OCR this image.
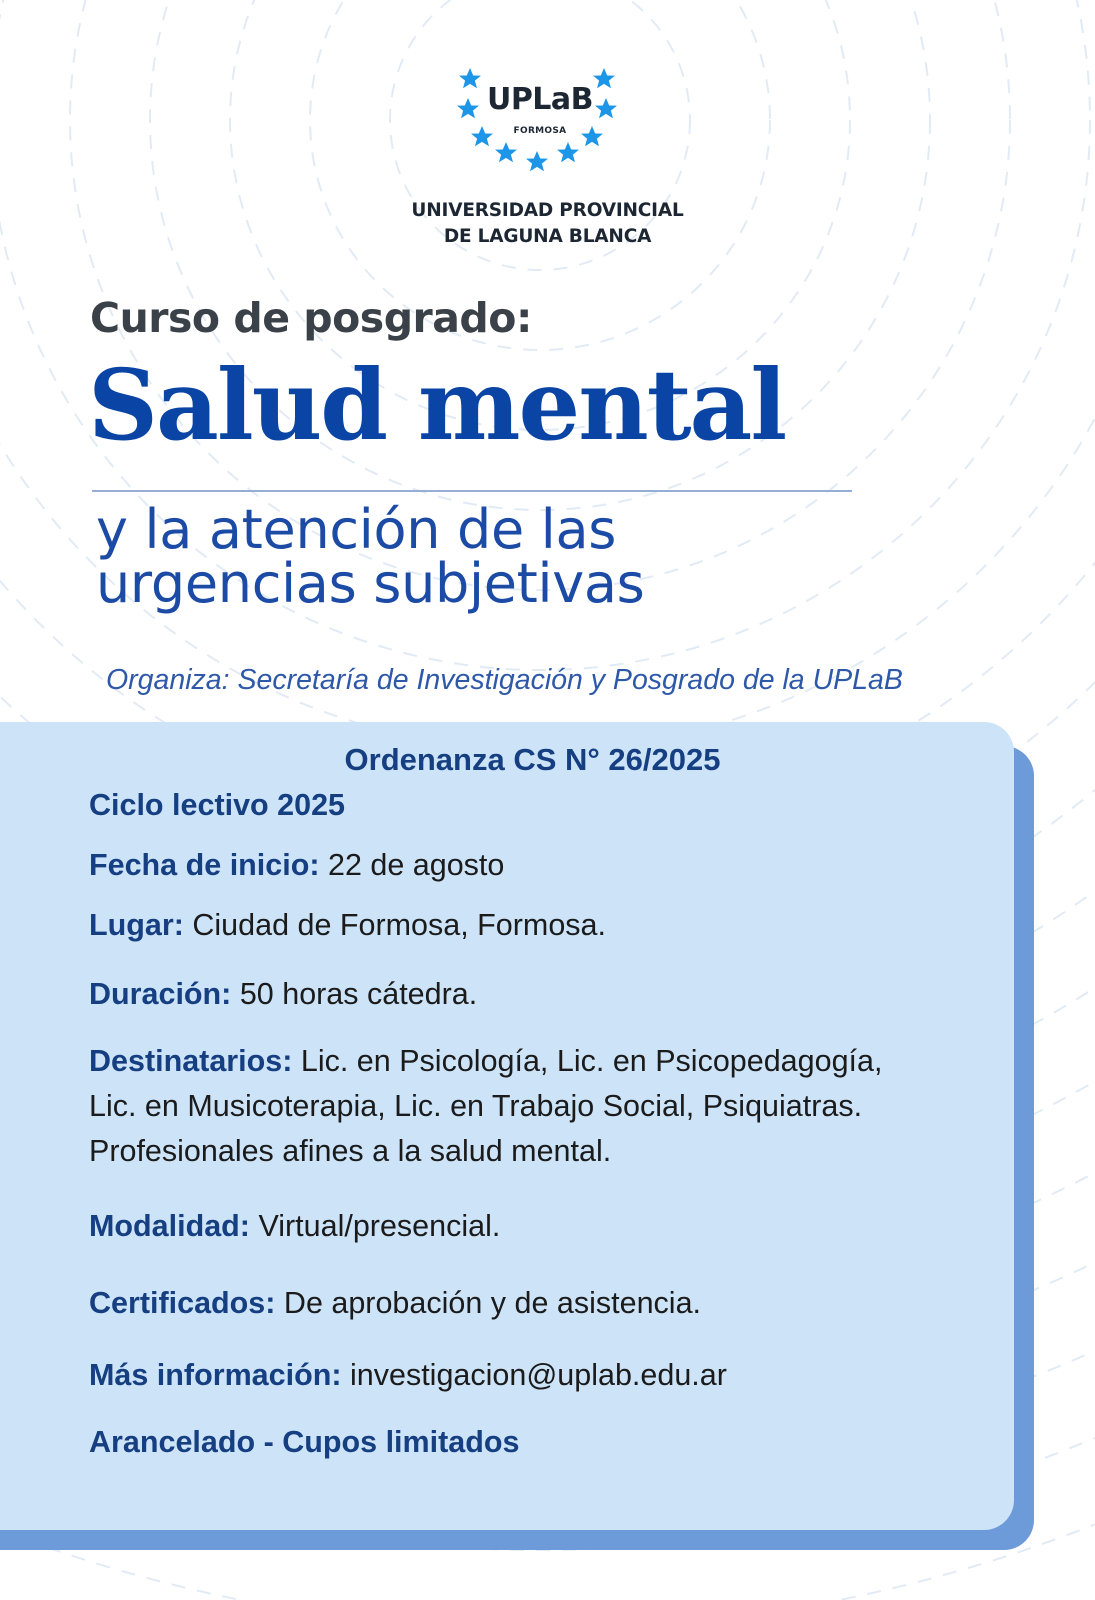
UPLaB
FORMOSA
UNIVERSIDAD PROVINCIAL
DE LAGUNA BLANCA
Curso de posgrado:
Salud mental
y la atención de las
urgencias subjetivas
Organiza: Secretaría de Investigación y Posgrado de la UPLaB
Ordenanza CS N° 26/2025
Ciclo lectivo 2025
Fecha de inicio: 22 de agosto
Lugar: Ciudad de Formosa, Formosa.
Duración: 50 horas cátedra.
Destinatarios: Lic. en Psicología, Lic. en Psicopedagogía,
Lic. en Musicoterapia, Lic. en Trabajo Social, Psiquiatras.
Profesionales afines a la salud mental.
Modalidad: Virtual/presencial.
Certificados: De aprobación y de asistencia.
Más información: investigacion@uplab.edu.ar
Arancelado - Cupos limitados
